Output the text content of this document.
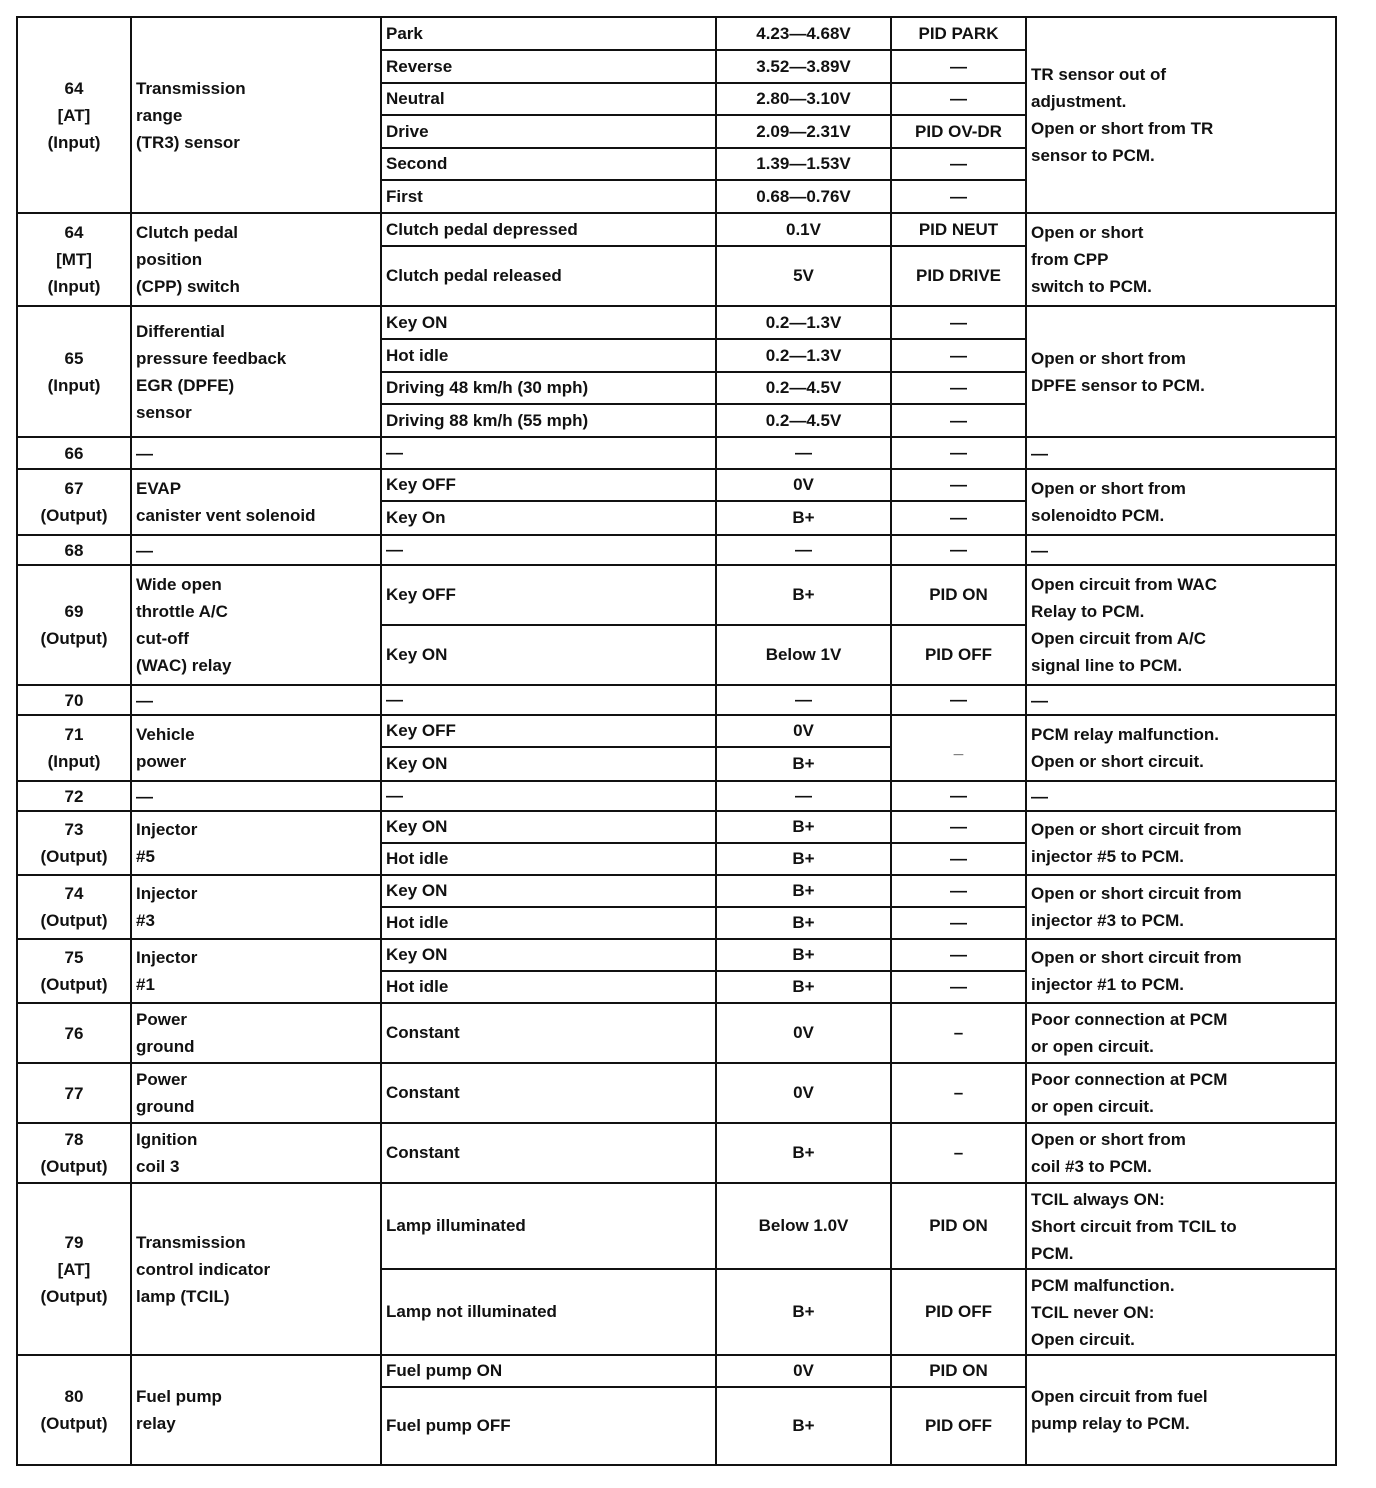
64
[AT]
(Input)	Transmission
range
(TR3) sensor	Park	4.23—4.68V	PID PARK	TR sensor out of
adjustment.
Open or short from TR
sensor to PCM.

		Reverse	3.52—3.89V	—	
		Neutral	2.80—3.10V	—	
		Drive	2.09—2.31V	PID OV-DR	
		Second	1.39—1.53V	—	
		First	0.68—0.76V	—	

64
[MT]
(Input)	Clutch pedal
position
(CPP) switch	Clutch pedal depressed	0.1V	PID NEUT	Open or short
from CPP
switch to PCM.

		Clutch pedal released	5V	PID DRIVE	

65
(Input)	Differential
pressure feedback
EGR (DPFE)
sensor	Key ON	0.2—1.3V	—	Open or short from
DPFE sensor to PCM.

		Hot idle	0.2—1.3V	—	
		Driving 48 km/h (30 mph)	0.2—4.5V	—	
		Driving 88 km/h (55 mph)	0.2—4.5V	—	

66	—	—	—	—	—

67
(Output)	EVAP
canister vent solenoid	Key OFF	0V	—	Open or short from
solenoidto PCM.

		Key On	B+	—	

68	—	—	—	—	—

69
(Output)	Wide open
throttle A/C
cut-off
(WAC) relay	Key OFF	B+	PID ON	Open circuit from WAC
Relay to PCM.
Open circuit from A/C
signal line to PCM.

		Key ON	Below 1V	PID OFF	

70	—	—	—	—	—

71
(Input)	Vehicle
power	Key OFF	0V	_	PCM relay malfunction.
Open or short circuit.

		Key ON	B+		

72	—	—	—	—	—

73
(Output)	Injector
#5	Key ON	B+	—	Open or short circuit from
injector #5 to PCM.

		Hot idle	B+	—	

74
(Output)	Injector
#3	Key ON	B+	—	Open or short circuit from
injector #3 to PCM.

		Hot idle	B+	—	

75
(Output)	Injector
#1	Key ON	B+	—	Open or short circuit from
injector #1 to PCM.

		Hot idle	B+	—	

76	Power
ground	Constant	0V	–	Poor connection at PCM
or open circuit.

77	Power
ground	Constant	0V	–	Poor connection at PCM
or open circuit.

78
(Output)	Ignition
coil 3	Constant	B+	–	Open or short from
coil #3 to PCM.

79
[AT]
(Output)	Transmission
control indicator
lamp (TCIL)	Lamp illuminated	Below 1.0V	PID ON	TCIL always ON:
Short circuit from TCIL to
PCM.

		Lamp not illuminated	B+	PID OFF	PCM malfunction.
TCIL never ON:
Open circuit.

80
(Output)	Fuel pump
relay	Fuel pump ON	0V	PID ON	Open circuit from fuel
pump relay to PCM.

		Fuel pump OFF	B+	PID OFF	
